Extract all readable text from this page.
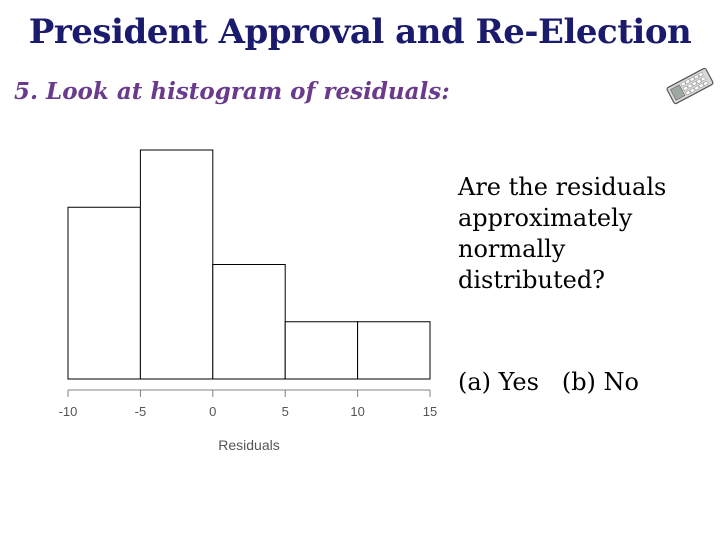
President Approval and Re-Election

5. Look at histogram of residuals:

-10	-5	0	5	10	15
Residuals
Are the residuals approximately normally distributed?
(a) Yes   (b) No
